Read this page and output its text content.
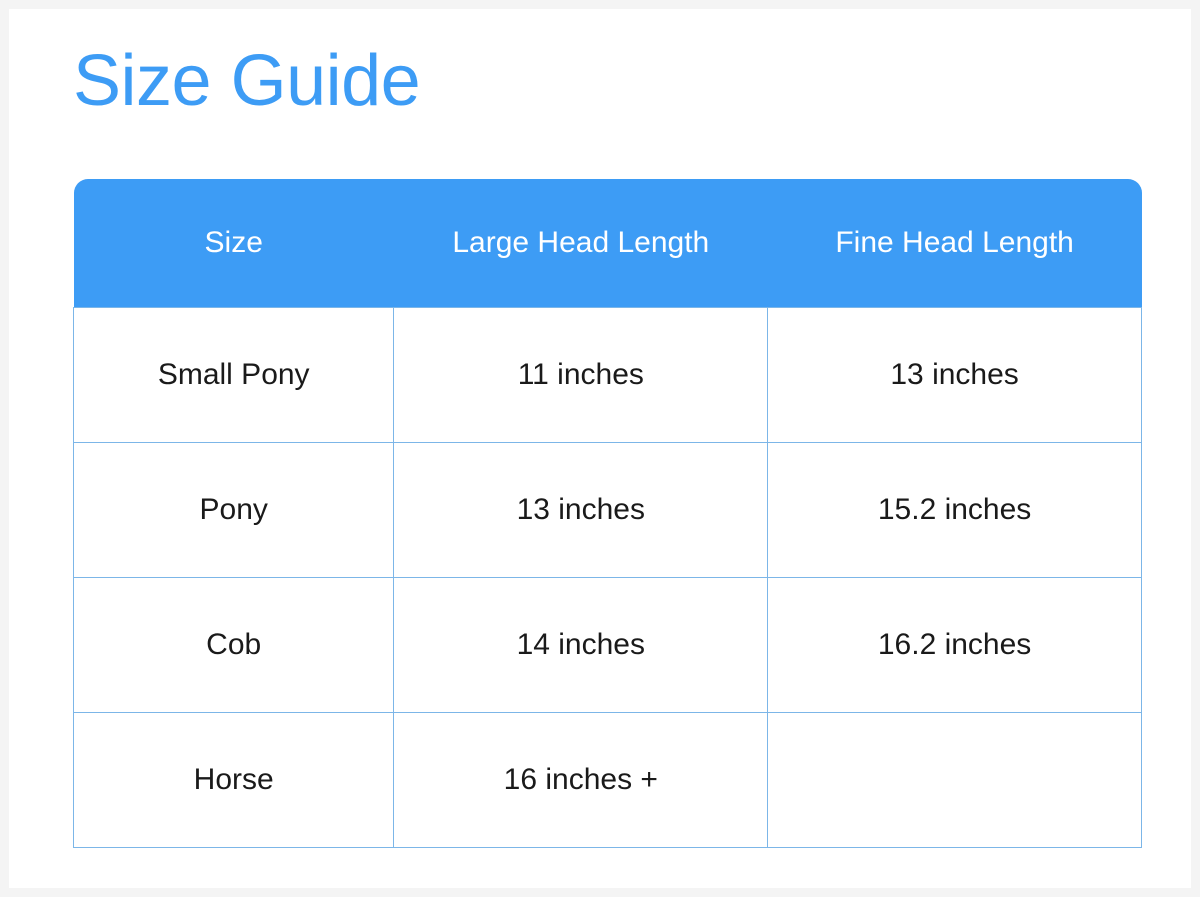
Size Guide
Size	Large Head Length	Fine Head Length
Small Pony	11 inches	13 inches
Pony	13 inches	15.2 inches
Cob	14 inches	16.2 inches
Horse	16 inches +	
